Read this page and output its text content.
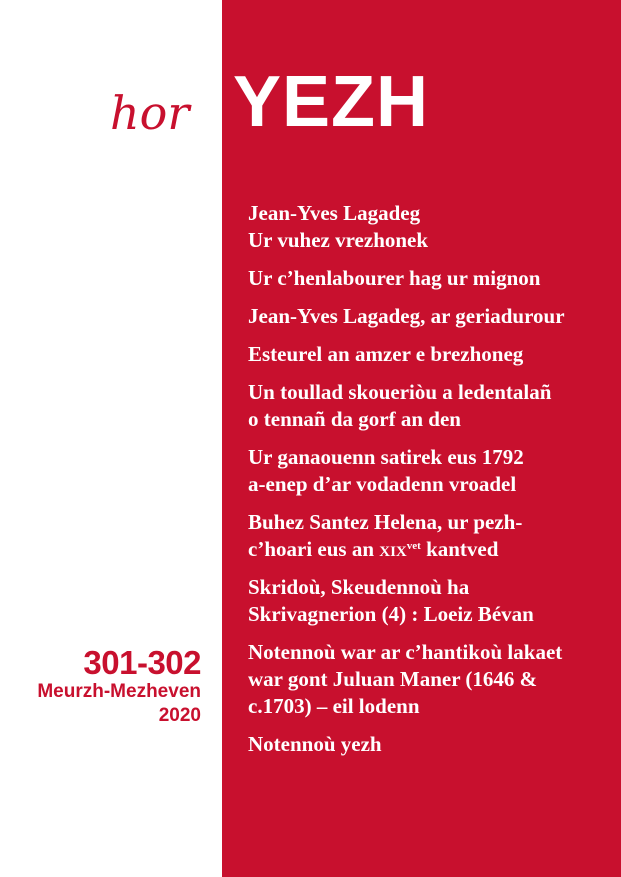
hor YEZH
Jean-Yves Lagadeg
Ur vuhez vrezhonek
Ur c’henlabourer hag ur mignon
Jean-Yves Lagadeg, ar geriadurour
Esteurel an amzer e brezhoneg
Un toullad skoueriòu a ledentalañ
o tennañ da gorf an den
Ur ganaouenn satirek eus 1792
a-enep d’ar vodadenn vroadel
Buhez Santez Helena, ur pezh-
c’hoari eus an xix$^{vet}$ kantved
Skridoù, Skeudennoù ha
Skrivagnerion (4) : Loeiz Bévan
Notennoù war ar c’hantikoù lakaet
war gont Juluan Maner (1646 &
c.1703) – eil lodenn
Notennoù yezh
301-302
Meurzh-Mezheven
2020
